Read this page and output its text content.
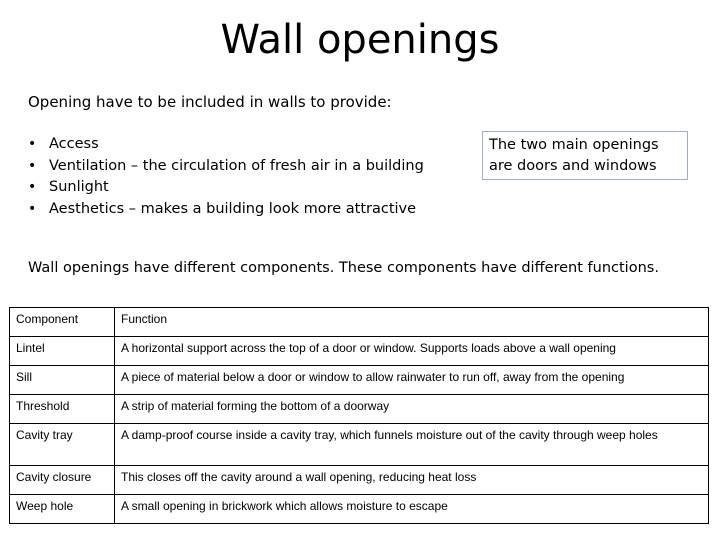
Wall openings
Opening have to be included in walls to provide:
• Access
• Ventilation – the circulation of fresh air in a building
• Sunlight
• Aesthetics – makes a building look more attractive
The two main openings are doors and windows
Wall openings have different components. These components have different functions.
Component	Function
Lintel	A horizontal support across the top of a door or window. Supports loads above a wall opening
Sill	A piece of material below a door or window to allow rainwater to run off, away from the opening
Threshold	A strip of material forming the bottom of a doorway
Cavity tray	A damp-proof course inside a cavity tray, which funnels moisture out of the cavity through weep holes
Cavity closure	This closes off the cavity around a wall opening, reducing heat loss
Weep hole	A small opening in brickwork which allows moisture to escape
